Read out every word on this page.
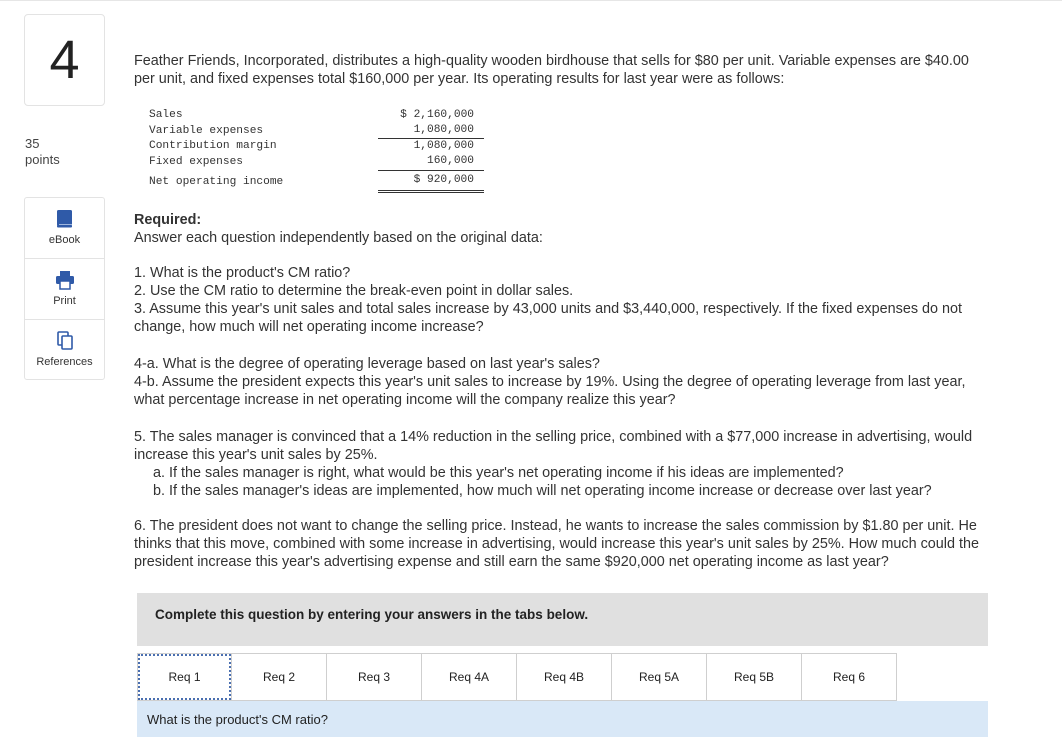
4
35
points
eBook
Print
References
Feather Friends, Incorporated, distributes a high-quality wooden birdhouse that sells for $80 per unit. Variable expenses are $40.00
per unit, and fixed expenses total $160,000 per year. Its operating results for last year were as follows:
Sales	$ 2,160,000
Variable expenses	1,080,000
Contribution margin	1,080,000
Fixed expenses	160,000
Net operating income	$ 920,000
Required:
Answer each question independently based on the original data:
1. What is the product's CM ratio?
2. Use the CM ratio to determine the break-even point in dollar sales.
3. Assume this year's unit sales and total sales increase by 43,000 units and $3,440,000, respectively. If the fixed expenses do not
change, how much will net operating income increase?
4-a. What is the degree of operating leverage based on last year's sales?
4-b. Assume the president expects this year's unit sales to increase by 19%. Using the degree of operating leverage from last year,
what percentage increase in net operating income will the company realize this year?
5. The sales manager is convinced that a 14% reduction in the selling price, combined with a $77,000 increase in advertising, would
increase this year's unit sales by 25%.
a. If the sales manager is right, what would be this year's net operating income if his ideas are implemented?
b. If the sales manager's ideas are implemented, how much will net operating income increase or decrease over last year?
6. The president does not want to change the selling price. Instead, he wants to increase the sales commission by $1.80 per unit. He
thinks that this move, combined with some increase in advertising, would increase this year's unit sales by 25%. How much could the
president increase this year's advertising expense and still earn the same $920,000 net operating income as last year?
Complete this question by entering your answers in the tabs below.
Req 1	Req 2	Req 3	Req 4A	Req 4B	Req 5A	Req 5B	Req 6
What is the product's CM ratio?
